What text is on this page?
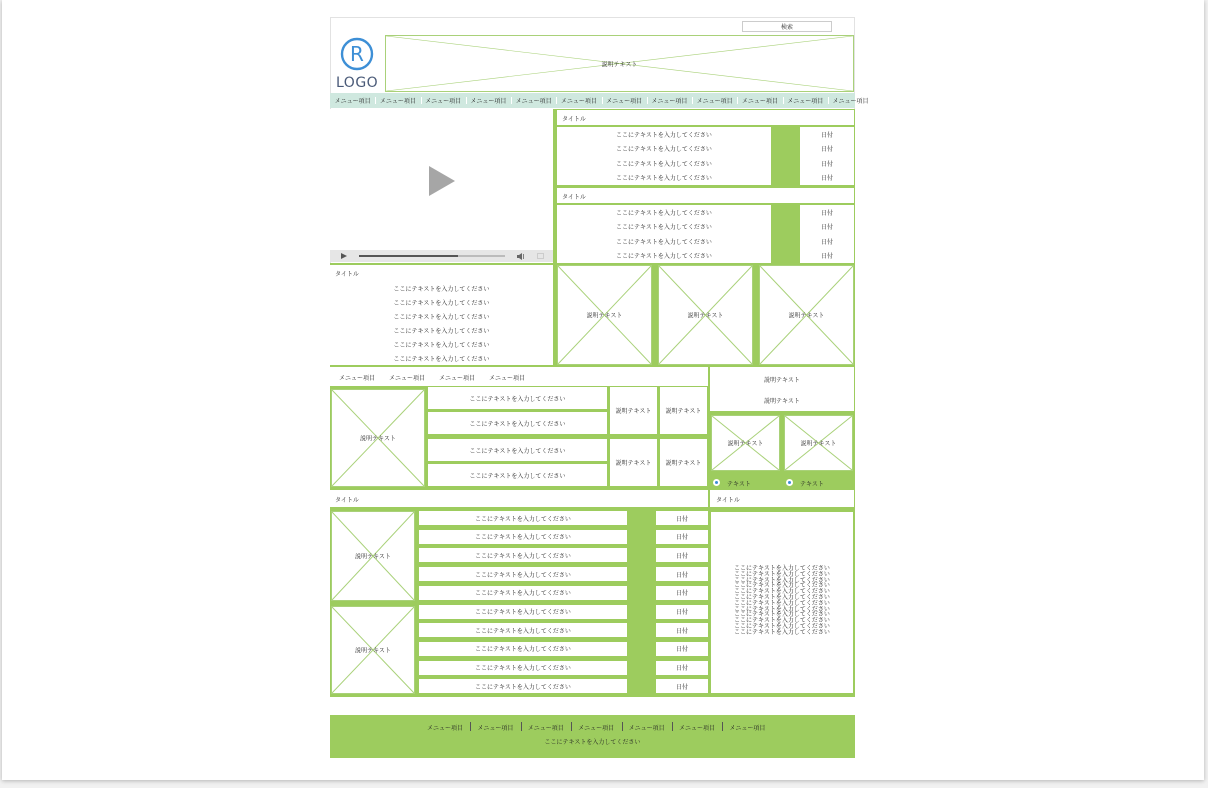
検索
R
LOGO
説明テキスト
メニュー項目	メニュー項目	メニュー項目	メニュー項目	メニュー項目	メニュー項目	メニュー項目	メニュー項目	メニュー項目	メニュー項目	メニュー項目	メニュー項目
タイトル
ここにテキストを入力してください	日付
ここにテキストを入力してください	日付
ここにテキストを入力してください	日付
ここにテキストを入力してください	日付
タイトル
ここにテキストを入力してください	日付
ここにテキストを入力してください	日付
ここにテキストを入力してください	日付
ここにテキストを入力してください	日付
タイトル
ここにテキストを入力してください
ここにテキストを入力してください
ここにテキストを入力してください
ここにテキストを入力してください
ここにテキストを入力してください
ここにテキストを入力してください
説明テキスト	説明テキスト	説明テキスト
メニュー項目 メニュー項目 メニュー項目 メニュー項目
説明テキスト
ここにテキストを入力してください
ここにテキストを入力してください
ここにテキストを入力してください
ここにテキストを入力してください
説明テキスト 説明テキスト
説明テキスト 説明テキスト
説明テキスト
説明テキスト
説明テキスト	説明テキスト
テキスト	テキスト
タイトル	タイトル
説明テキスト
説明テキスト
ここにテキストを入力してください	日付
ここにテキストを入力してください	日付
ここにテキストを入力してください	日付
ここにテキストを入力してください	日付
ここにテキストを入力してください	日付
ここにテキストを入力してください	日付
ここにテキストを入力してください	日付
ここにテキストを入力してください	日付
ここにテキストを入力してください	日付
ここにテキストを入力してください	日付
ここにテキストを入力してください
ここにテキストを入力してください
ここにテキストを入力してください
ここにテキストを入力してください
ここにテキストを入力してください
ここにテキストを入力してください
ここにテキストを入力してください
ここにテキストを入力してください
ここにテキストを入力してください
ここにテキストを入力してください
ここにテキストを入力してください
ここにテキストを入力してください
メニュー項目	メニュー項目	メニュー項目	メニュー項目	メニュー項目	メニュー項目	メニュー項目
ここにテキストを入力してください
